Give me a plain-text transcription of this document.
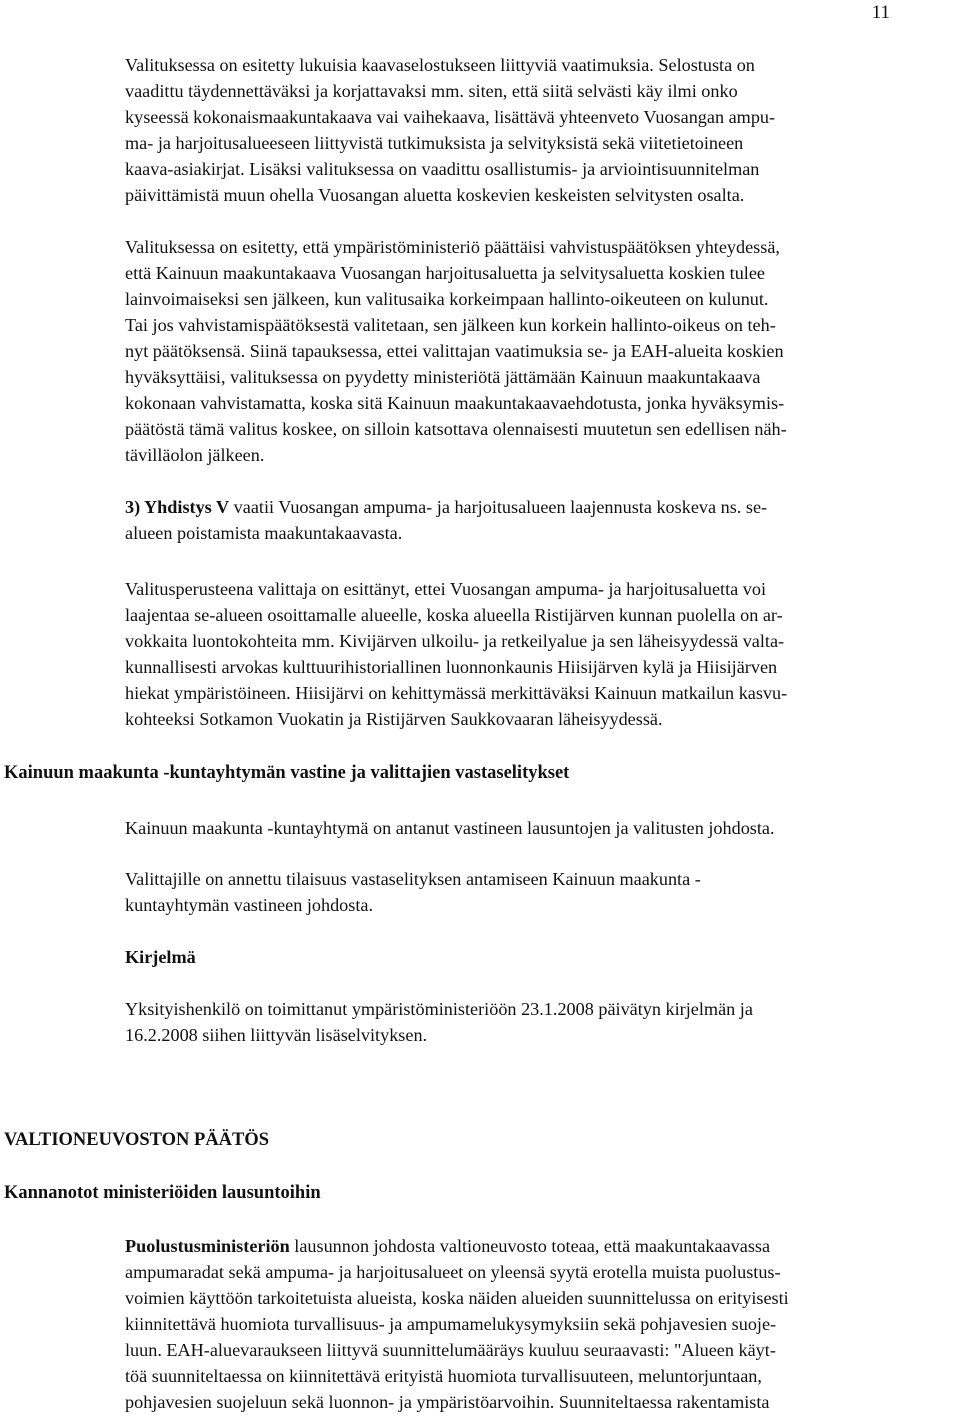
11

Valituksessa on esitetty lukuisia kaavaselostukseen liittyviä vaatimuksia. Selostusta on
vaadittu täydennettäväksi ja korjattavaksi mm. siten, että siitä selvästi käy ilmi onko
kyseessä kokonaismaakuntakaava vai vaihekaava, lisättävä yhteenveto Vuosangan ampu-
ma- ja harjoitusalueeseen liittyvistä tutkimuksista ja selvityksistä sekä viitetietoineen
kaava-asiakirjat. Lisäksi valituksessa on vaadittu osallistumis- ja arviointisuunnitelman
päivittämistä muun ohella Vuosangan aluetta koskevien keskeisten selvitysten osalta.

Valituksessa on esitetty, että ympäristöministeriö päättäisi vahvistuspäätöksen yhteydessä,
että Kainuun maakuntakaava Vuosangan harjoitusaluetta ja selvitysaluetta koskien tulee
lainvoimaiseksi sen jälkeen, kun valitusaika korkeimpaan hallinto-oikeuteen on kulunut.
Tai jos vahvistamispäätöksestä valitetaan, sen jälkeen kun korkein hallinto-oikeus on teh-
nyt päätöksensä. Siinä tapauksessa, ettei valittajan vaatimuksia se- ja EAH-alueita koskien
hyväksyttäisi, valituksessa on pyydetty ministeriötä jättämään Kainuun maakuntakaava
kokonaan vahvistamatta, koska sitä Kainuun maakuntakaavaehdotusta, jonka hyväksymis-
päätöstä tämä valitus koskee, on silloin katsottava olennaisesti muutetun sen edellisen näh-
tävilläolon jälkeen.

3) Yhdistys V vaatii Vuosangan ampuma- ja harjoitusalueen laajennusta koskeva ns. se-
alueen poistamista maakuntakaavasta.

Valitusperusteena valittaja on esittänyt, ettei Vuosangan ampuma- ja harjoitusaluetta voi
laajentaa se-alueen osoittamalle alueelle, koska alueella Ristijärven kunnan puolella on ar-
vokkaita luontokohteita mm. Kivijärven ulkoilu- ja retkeilyalue ja sen läheisyydessä valta-
kunnallisesti arvokas kulttuurihistoriallinen luonnonkaunis Hiisijärven kylä ja Hiisijärven
hiekat ympäristöineen. Hiisijärvi on kehittymässä merkittäväksi Kainuun matkailun kasvu-
kohteeksi Sotkamon Vuokatin ja Ristijärven Saukkovaaran läheisyydessä.

Kainuun maakunta -kuntayhtymän vastine ja valittajien vastaselitykset

Kainuun maakunta -kuntayhtymä on antanut vastineen lausuntojen ja valitusten johdosta.

Valittajille on annettu tilaisuus vastaselityksen antamiseen Kainuun maakunta -
kuntayhtymän vastineen johdosta.

Kirjelmä

Yksityishenkilö on toimittanut ympäristöministeriöön 23.1.2008 päivätyn kirjelmän ja
16.2.2008 siihen liittyvän lisäselvityksen.

VALTIONEUVOSTON PÄÄTÖS
Kannanotot ministeriöiden lausuntoihin

Puolustusministeriön lausunnon johdosta valtioneuvosto toteaa, että maakuntakaavassa
ampumaradat sekä ampuma- ja harjoitusalueet on yleensä syytä erotella muista puolustus-
voimien käyttöön tarkoitetuista alueista, koska näiden alueiden suunnittelussa on erityisesti
kiinnitettävä huomiota turvallisuus- ja ampumamelukysymyksiin sekä pohjavesien suoje-
luun. EAH-aluevaraukseen liittyvä suunnittelumääräys kuuluu seuraavasti: "Alueen käyt-
töä suunniteltaessa on kiinnitettävä erityistä huomiota turvallisuuteen, meluntorjuntaan,
pohjavesien suojeluun sekä luonnon- ja ympäristöarvoihin. Suunniteltaessa rakentamista
